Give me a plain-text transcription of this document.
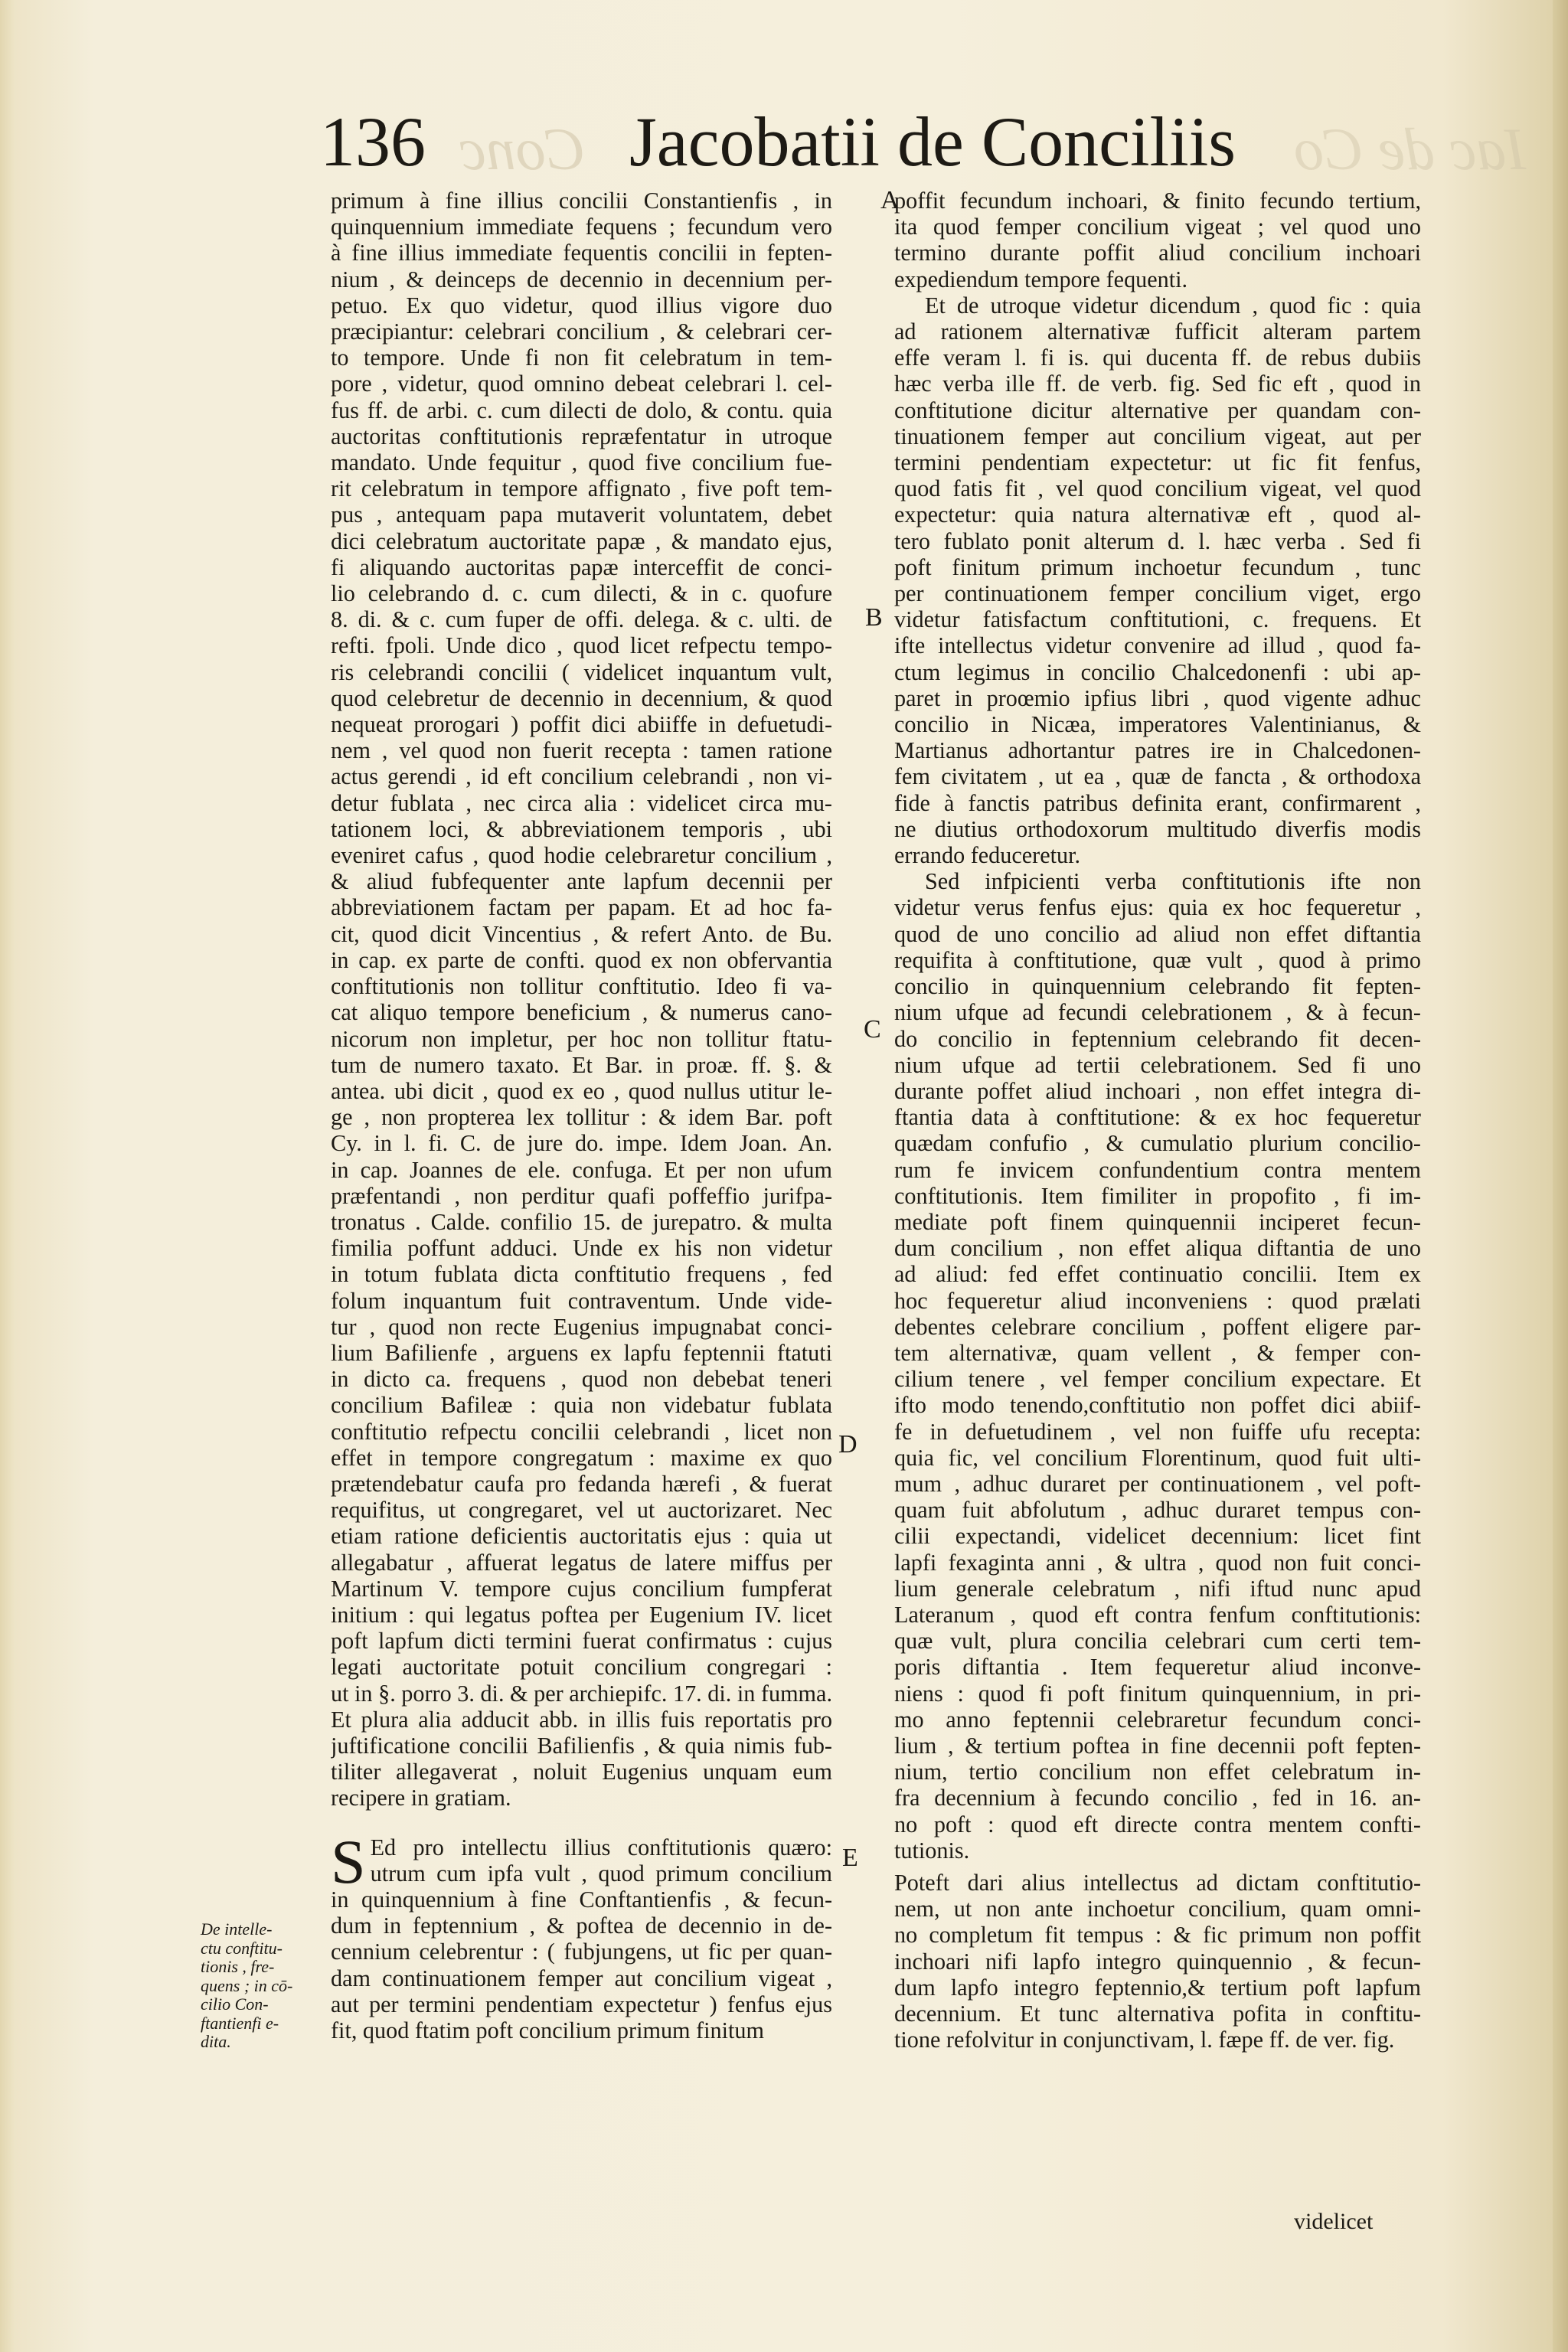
Conc	Iac de Co
136	Jacobatii de Conciliis

primum à fine illius concilii Constantienfis , in
quinquennium immediate fequens ; fecundum vero
à fine illius immediate fequentis concilii in fepten-
nium , & deinceps de decennio in decennium per-
petuo. Ex quo videtur, quod illius vigore duo
præcipiantur: celebrari concilium , & celebrari cer-
to tempore. Unde fi non fit celebratum in tem-
pore , videtur, quod omnino debeat celebrari l. cel-
fus ff. de arbi. c. cum dilecti de dolo, & contu. quia
auctoritas conftitutionis repræfentatur in utroque
mandato. Unde fequitur , quod five concilium fue-
rit celebratum in tempore affignato , five poft tem-
pus , antequam papa mutaverit voluntatem, debet
dici celebratum auctoritate papæ , & mandato ejus,
fi aliquando auctoritas papæ interceffit de conci-
lio celebrando d. c. cum dilecti, & in c. quofure
8. di. & c. cum fuper de offi. delega. & c. ulti. de
refti. fpoli. Unde dico , quod licet refpectu tempo-
ris celebrandi concilii ( videlicet inquantum vult,
quod celebretur de decennio in decennium, & quod
nequeat prorogari ) poffit dici abiiffe in defuetudi-
nem , vel quod non fuerit recepta : tamen ratione
actus gerendi , id eft concilium celebrandi , non vi-
detur fublata , nec circa alia : videlicet circa mu-
tationem loci, & abbreviationem temporis , ubi
eveniret cafus , quod hodie celebraretur concilium ,
& aliud fubfequenter ante lapfum decennii per
abbreviationem factam per papam. Et ad hoc fa-
cit, quod dicit Vincentius , & refert Anto. de Bu.
in cap. ex parte de confti. quod ex non obfervantia
conftitutionis non tollitur conftitutio. Ideo fi va-
cat aliquo tempore beneficium , & numerus cano-
nicorum non impletur, per hoc non tollitur ftatu-
tum de numero taxato. Et Bar. in proæ. ff. §. &
antea. ubi dicit , quod ex eo , quod nullus utitur le-
ge , non propterea lex tollitur : & idem Bar. poft
Cy. in l. fi. C. de jure do. impe. Idem Joan. An.
in cap. Joannes de ele. confuga. Et per non ufum
præfentandi , non perditur quafi poffeffio jurifpa-
tronatus . Calde. confilio 15. de jurepatro. & multa
fimilia poffunt adduci. Unde ex his non videtur
in totum fublata dicta conftitutio frequens , fed
folum inquantum fuit contraventum. Unde vide-
tur , quod non recte Eugenius impugnabat conci-
lium Bafilienfe , arguens ex lapfu feptennii ftatuti
in dicto ca. frequens , quod non debebat teneri
concilium Bafileæ : quia non videbatur fublata
conftitutio refpectu concilii celebrandi , licet non
effet in tempore congregatum : maxime ex quo
prætendebatur caufa pro fedanda hærefi , & fuerat
requifitus, ut congregaret, vel ut auctorizaret. Nec
etiam ratione deficientis auctoritatis ejus : quia ut
allegabatur , affuerat legatus de latere miffus per
Martinum V. tempore cujus concilium fumpferat
initium : qui legatus poftea per Eugenium IV. licet
poft lapfum dicti termini fuerat confirmatus : cujus
legati auctoritate potuit concilium congregari :
ut in §. porro 3. di. & per archiepifc. 17. di. in fumma.
Et plura alia adducit abb. in illis fuis reportatis pro
juftificatione concilii Bafilienfis , & quia nimis fub-
tiliter allegaverat , noluit Eugenius unquam eum
recipere in gratiam.

S Ed pro intellectu illius conftitutionis quæro:
utrum cum ipfa vult , quod primum concilium
in quinquennium à fine Conftantienfis , & fecun-
dum in feptennium , & poftea de decennio in de-
cennium celebrentur : ( fubjungens, ut fic per quan-
dam continuationem femper aut concilium vigeat ,
aut per termini pendentiam expectetur ) fenfus ejus
fit, quod ftatim poft concilium primum finitum

poffit fecundum inchoari, & finito fecundo tertium,
ita quod femper concilium vigeat ; vel quod uno
termino durante poffit aliud concilium inchoari
expediendum tempore fequenti.

Et de utroque videtur dicendum , quod fic : quia
ad rationem alternativæ fufficit alteram partem
effe veram l. fi is. qui ducenta ff. de rebus dubiis
hæc verba ille ff. de verb. fig. Sed fic eft , quod in
conftitutione dicitur alternative per quandam con-
tinuationem femper aut concilium vigeat, aut per
termini pendentiam expectetur: ut fic fit fenfus,
quod fatis fit , vel quod concilium vigeat, vel quod
expectetur: quia natura alternativæ eft , quod al-
tero fublato ponit alterum d. l. hæc verba . Sed fi
poft finitum primum inchoetur fecundum , tunc
per continuationem femper concilium viget, ergo
videtur fatisfactum conftitutioni, c. frequens. Et
ifte intellectus videtur convenire ad illud , quod fa-
ctum legimus in concilio Chalcedonenfi : ubi ap-
paret in proœmio ipfius libri , quod vigente adhuc
concilio in Nicæa, imperatores Valentinianus, &
Martianus adhortantur patres ire in Chalcedonen-
fem civitatem , ut ea , quæ de fancta , & orthodoxa
fide à fanctis patribus definita erant, confirmarent ,
ne diutius orthodoxorum multitudo diverfis modis
errando feduceretur.

Sed infpicienti verba conftitutionis ifte non
videtur verus fenfus ejus: quia ex hoc fequeretur ,
quod de uno concilio ad aliud non effet diftantia
requifita à conftitutione, quæ vult , quod à primo
concilio in quinquennium celebrando fit fepten-
nium ufque ad fecundi celebrationem , & à fecun-
do concilio in feptennium celebrando fit decen-
nium ufque ad tertii celebrationem. Sed fi uno
durante poffet aliud inchoari , non effet integra di-
ftantia data à conftitutione: & ex hoc fequeretur
quædam confufio , & cumulatio plurium concilio-
rum fe invicem confundentium contra mentem
conftitutionis. Item fimiliter in propofito , fi im-
mediate poft finem quinquennii inciperet fecun-
dum concilium , non effet aliqua diftantia de uno
ad aliud: fed effet continuatio concilii. Item ex
hoc fequeretur aliud inconveniens : quod prælati
debentes celebrare concilium , poffent eligere par-
tem alternativæ, quam vellent , & femper con-
cilium tenere , vel femper concilium expectare. Et
ifto modo tenendo,conftitutio non poffet dici abiif-
fe in defuetudinem , vel non fuiffe ufu recepta:
quia fic, vel concilium Florentinum, quod fuit ulti-
mum , adhuc duraret per continuationem , vel poft-
quam fuit abfolutum , adhuc duraret tempus con-
cilii expectandi, videlicet decennium: licet fint
lapfi fexaginta anni , & ultra , quod non fuit conci-
lium generale celebratum , nifi iftud nunc apud
Lateranum , quod eft contra fenfum conftitutionis:
quæ vult, plura concilia celebrari cum certi tem-
poris diftantia . Item fequeretur aliud inconve-
niens : quod fi poft finitum quinquennium, in pri-
mo anno feptennii celebraretur fecundum conci-
lium , & tertium poftea in fine decennii poft fepten-
nium, tertio concilium non effet celebratum in-
fra decennium à fecundo concilio , fed in 16. an-
no poft : quod eft directe contra mentem confti-
tutionis.

Poteft dari alius intellectus ad dictam conftitutio-
nem, ut non ante inchoetur concilium, quam omni-
no completum fit tempus : & fic primum non poffit
inchoari nifi lapfo integro quinquennio , & fecun-
dum lapfo integro feptennio,& tertium poft lapfum
decennium. Et tunc alternativa pofita in conftitu-
tione refolvitur in conjunctivam, l. fæpe ff. de ver. fig.

A
B
C
D
E
De intelle-
ctu conftitu-
tionis , fre-
quens ; in cō-
cilio Con-
ftantienfi e-
dita.
videlicet
